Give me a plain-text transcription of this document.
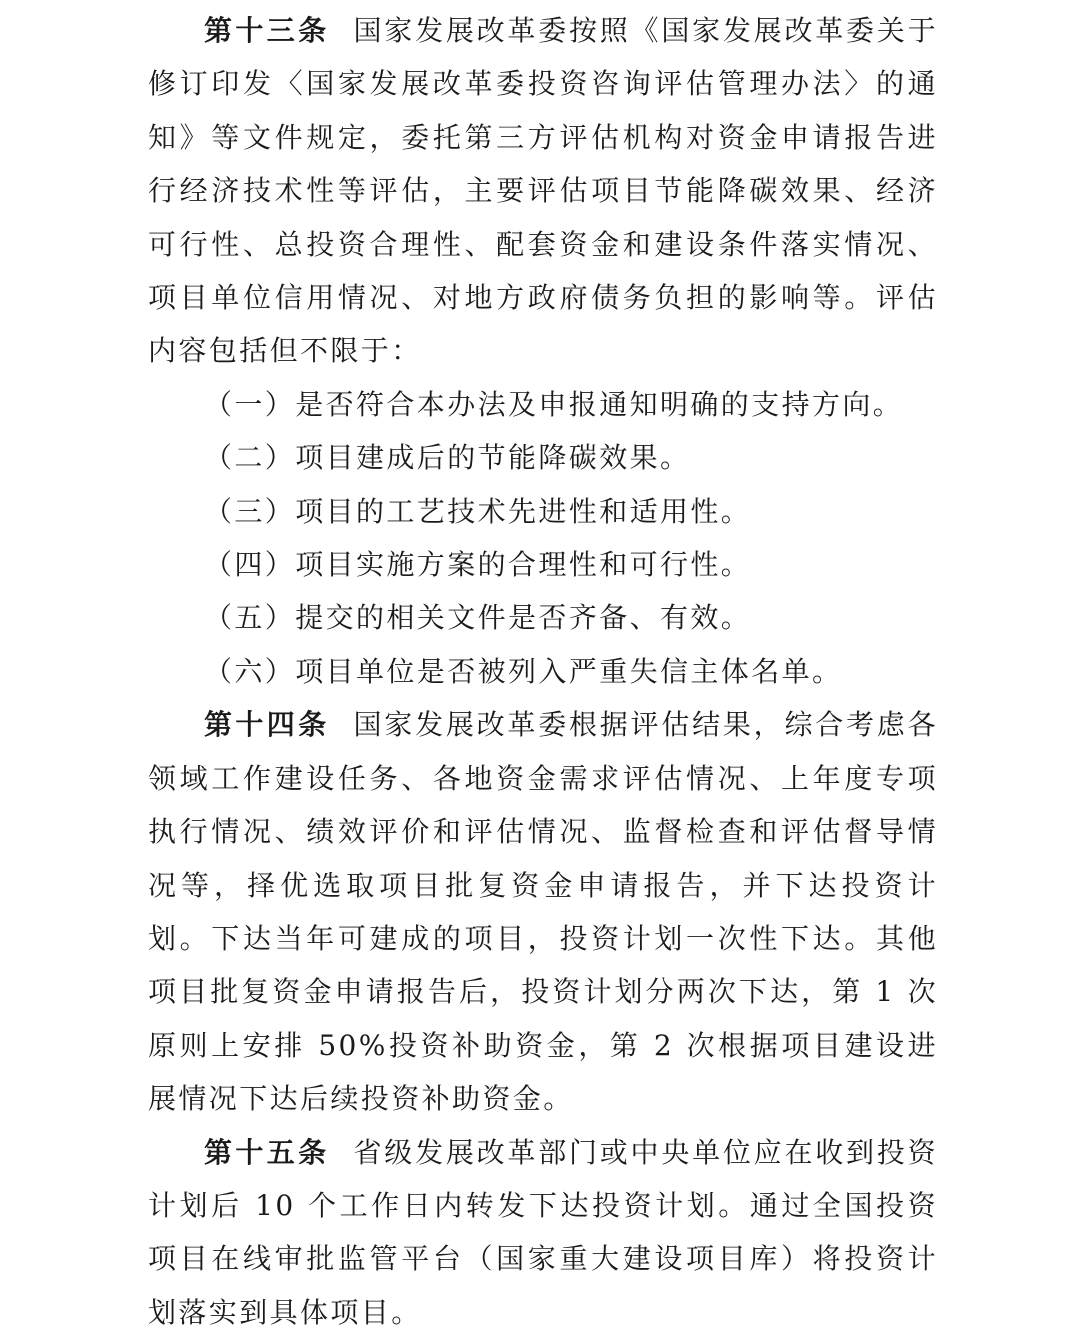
第十三条 国家发展改革委按照《国家发展改革委关于修订印发〈国家发展改革委投资咨询评估管理办法〉的通知》等文件规定，委托第三方评估机构对资金申请报告进行经济技术性等评估，主要评估项目节能降碳效果、经济可行性、总投资合理性、配套资金和建设条件落实情况、项目单位信用情况、对地方政府债务负担的影响等。评估内容包括但不限于：

（一）是否符合本办法及申报通知明确的支持方向。

（二）项目建成后的节能降碳效果。

（三）项目的工艺技术先进性和适用性。

（四）项目实施方案的合理性和可行性。

（五）提交的相关文件是否齐备、有效。

（六）项目单位是否被列入严重失信主体名单。

第十四条 国家发展改革委根据评估结果，综合考虑各领域工作建设任务、各地资金需求评估情况、上年度专项执行情况、绩效评价和评估情况、监督检查和评估督导情况等，择优选取项目批复资金申请报告，并下达投资计划。下达当年可建成的项目，投资计划一次性下达。其他项目批复资金申请报告后，投资计划分两次下达，第 1 次原则上安排 50%投资补助资金，第 2 次根据项目建设进展情况下达后续投资补助资金。

第十五条 省级发展改革部门或中央单位应在收到投资计划后 10 个工作日内转发下达投资计划。通过全国投资项目在线审批监管平台（国家重大建设项目库）将投资计划落实到具体项目。
